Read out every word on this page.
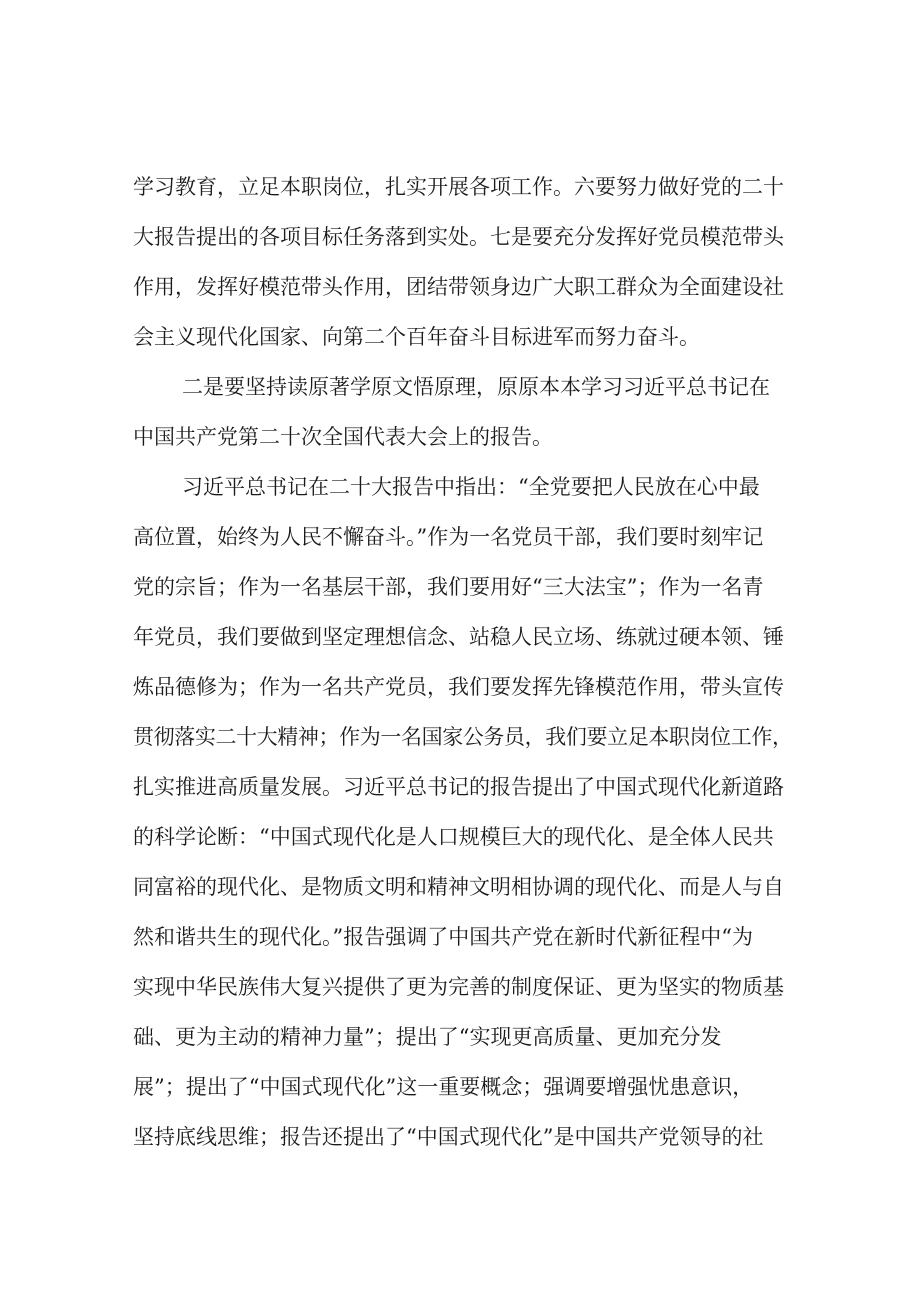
学习教育，立足本职岗位，扎实开展各项工作。六要努力做好党的二十
大报告提出的各项目标任务落到实处。七是要充分发挥好党员模范带头
作用，发挥好模范带头作用，团结带领身边广大职工群众为全面建设社
会主义现代化国家、向第二个百年奋斗目标进军而努力奋斗。
二是要坚持读原著学原文悟原理，原原本本学习习近平总书记在
中国共产党第二十次全国代表大会上的报告。
习近平总书记在二十大报告中指出：“全党要把人民放在心中最
高位置，始终为人民不懈奋斗。”作为一名党员干部，我们要时刻牢记
党的宗旨；作为一名基层干部，我们要用好“三大法宝”；作为一名青
年党员，我们要做到坚定理想信念、站稳人民立场、练就过硬本领、锤
炼品德修为；作为一名共产党员，我们要发挥先锋模范作用，带头宣传
贯彻落实二十大精神；作为一名国家公务员，我们要立足本职岗位工作，
扎实推进高质量发展。习近平总书记的报告提出了中国式现代化新道路
的科学论断：“中国式现代化是人口规模巨大的现代化、是全体人民共
同富裕的现代化、是物质文明和精神文明相协调的现代化、而是人与自
然和谐共生的现代化。”报告强调了中国共产党在新时代新征程中“为
实现中华民族伟大复兴提供了更为完善的制度保证、更为坚实的物质基
础、更为主动的精神力量”；提出了“实现更高质量、更加充分发
展”；提出了“中国式现代化”这一重要概念；强调要增强忧患意识，
坚持底线思维；报告还提出了“中国式现代化”是中国共产党领导的社
